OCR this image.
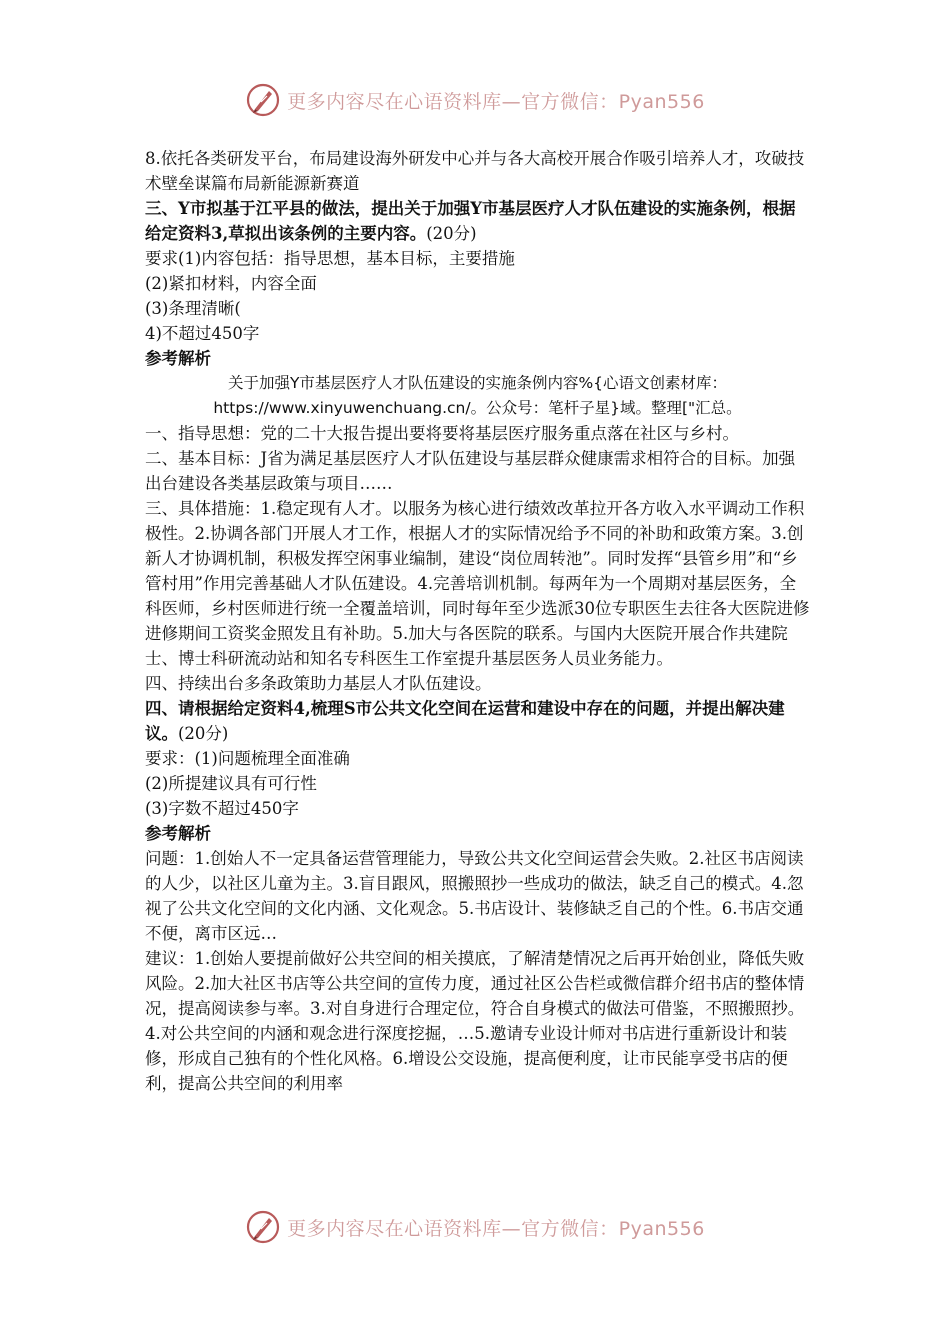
更多内容尽在心语资料库—官方微信：Pyan556

8.依托各类研发平台，布局建设海外研发中心并与各大高校开展合作吸引培养人才，攻破技术壁垒谋篇布局新能源新赛道

三、Y市拟基于江平县的做法，提出关于加强Y市基层医疗人才队伍建设的实施条例，根据给定资料3,草拟出该条例的主要内容。(20分)

要求(1)内容包括：指导思想，基本目标，主要措施

(2)紧扣材料，内容全面

(3)条理清晰(

4)不超过450字

参考解析

关于加强Y市基层医疗人才队伍建设的实施条例内容%{心语文创素材库：https://www.xinyuwenchuang.cn/。公众号：笔杆子星}域。整理["汇总。

一、指导思想：党的二十大报告提出要将要将基层医疗服务重点落在社区与乡村。

二、基本目标：J省为满足基层医疗人才队伍建设与基层群众健康需求相符合的目标。加强出台建设各类基层政策与项目……

三、具体措施：1.稳定现有人才。以服务为核心进行绩效改革拉开各方收入水平调动工作积极性。2.协调各部门开展人才工作，根据人才的实际情况给予不同的补助和政策方案。3.创新人才协调机制，积极发挥空闲事业编制，建设“岗位周转池”。同时发挥“县管乡用”和“乡管村用”作用完善基础人才队伍建设。4.完善培训机制。每两年为一个周期对基层医务，全科医师，乡村医师进行统一全覆盖培训，同时每年至少选派30位专职医生去往各大医院进修进修期间工资奖金照发且有补助。5.加大与各医院的联系。与国内大医院开展合作共建院士、博士科研流动站和知名专科医生工作室提升基层医务人员业务能力。

四、持续出台多条政策助力基层人才队伍建设。

四、请根据给定资料4,梳理S市公共文化空间在运营和建设中存在的问题，并提出解决建议。(20分)

要求：(1)问题梳理全面准确

(2)所提建议具有可行性

(3)字数不超过450字

参考解析

问题：1.创始人不一定具备运营管理能力，导致公共文化空间运营会失败。2.社区书店阅读的人少，以社区儿童为主。3.盲目跟风，照搬照抄一些成功的做法，缺乏自己的模式。4.忽视了公共文化空间的文化内涵、文化观念。5.书店设计、装修缺乏自己的个性。6.书店交通不便，离市区远…

建议：1.创始人要提前做好公共空间的相关摸底，了解清楚情况之后再开始创业，降低失败风险。2.加大社区书店等公共空间的宣传力度，通过社区公告栏或微信群介绍书店的整体情况，提高阅读参与率。3.对自身进行合理定位，符合自身模式的做法可借鉴，不照搬照抄。4.对公共空间的内涵和观念进行深度挖掘，…5.邀请专业设计师对书店进行重新设计和装修，形成自己独有的个性化风格。6.增设公交设施，提高便利度，让市民能享受书店的便利，提高公共空间的利用率

更多内容尽在心语资料库—官方微信：Pyan556
